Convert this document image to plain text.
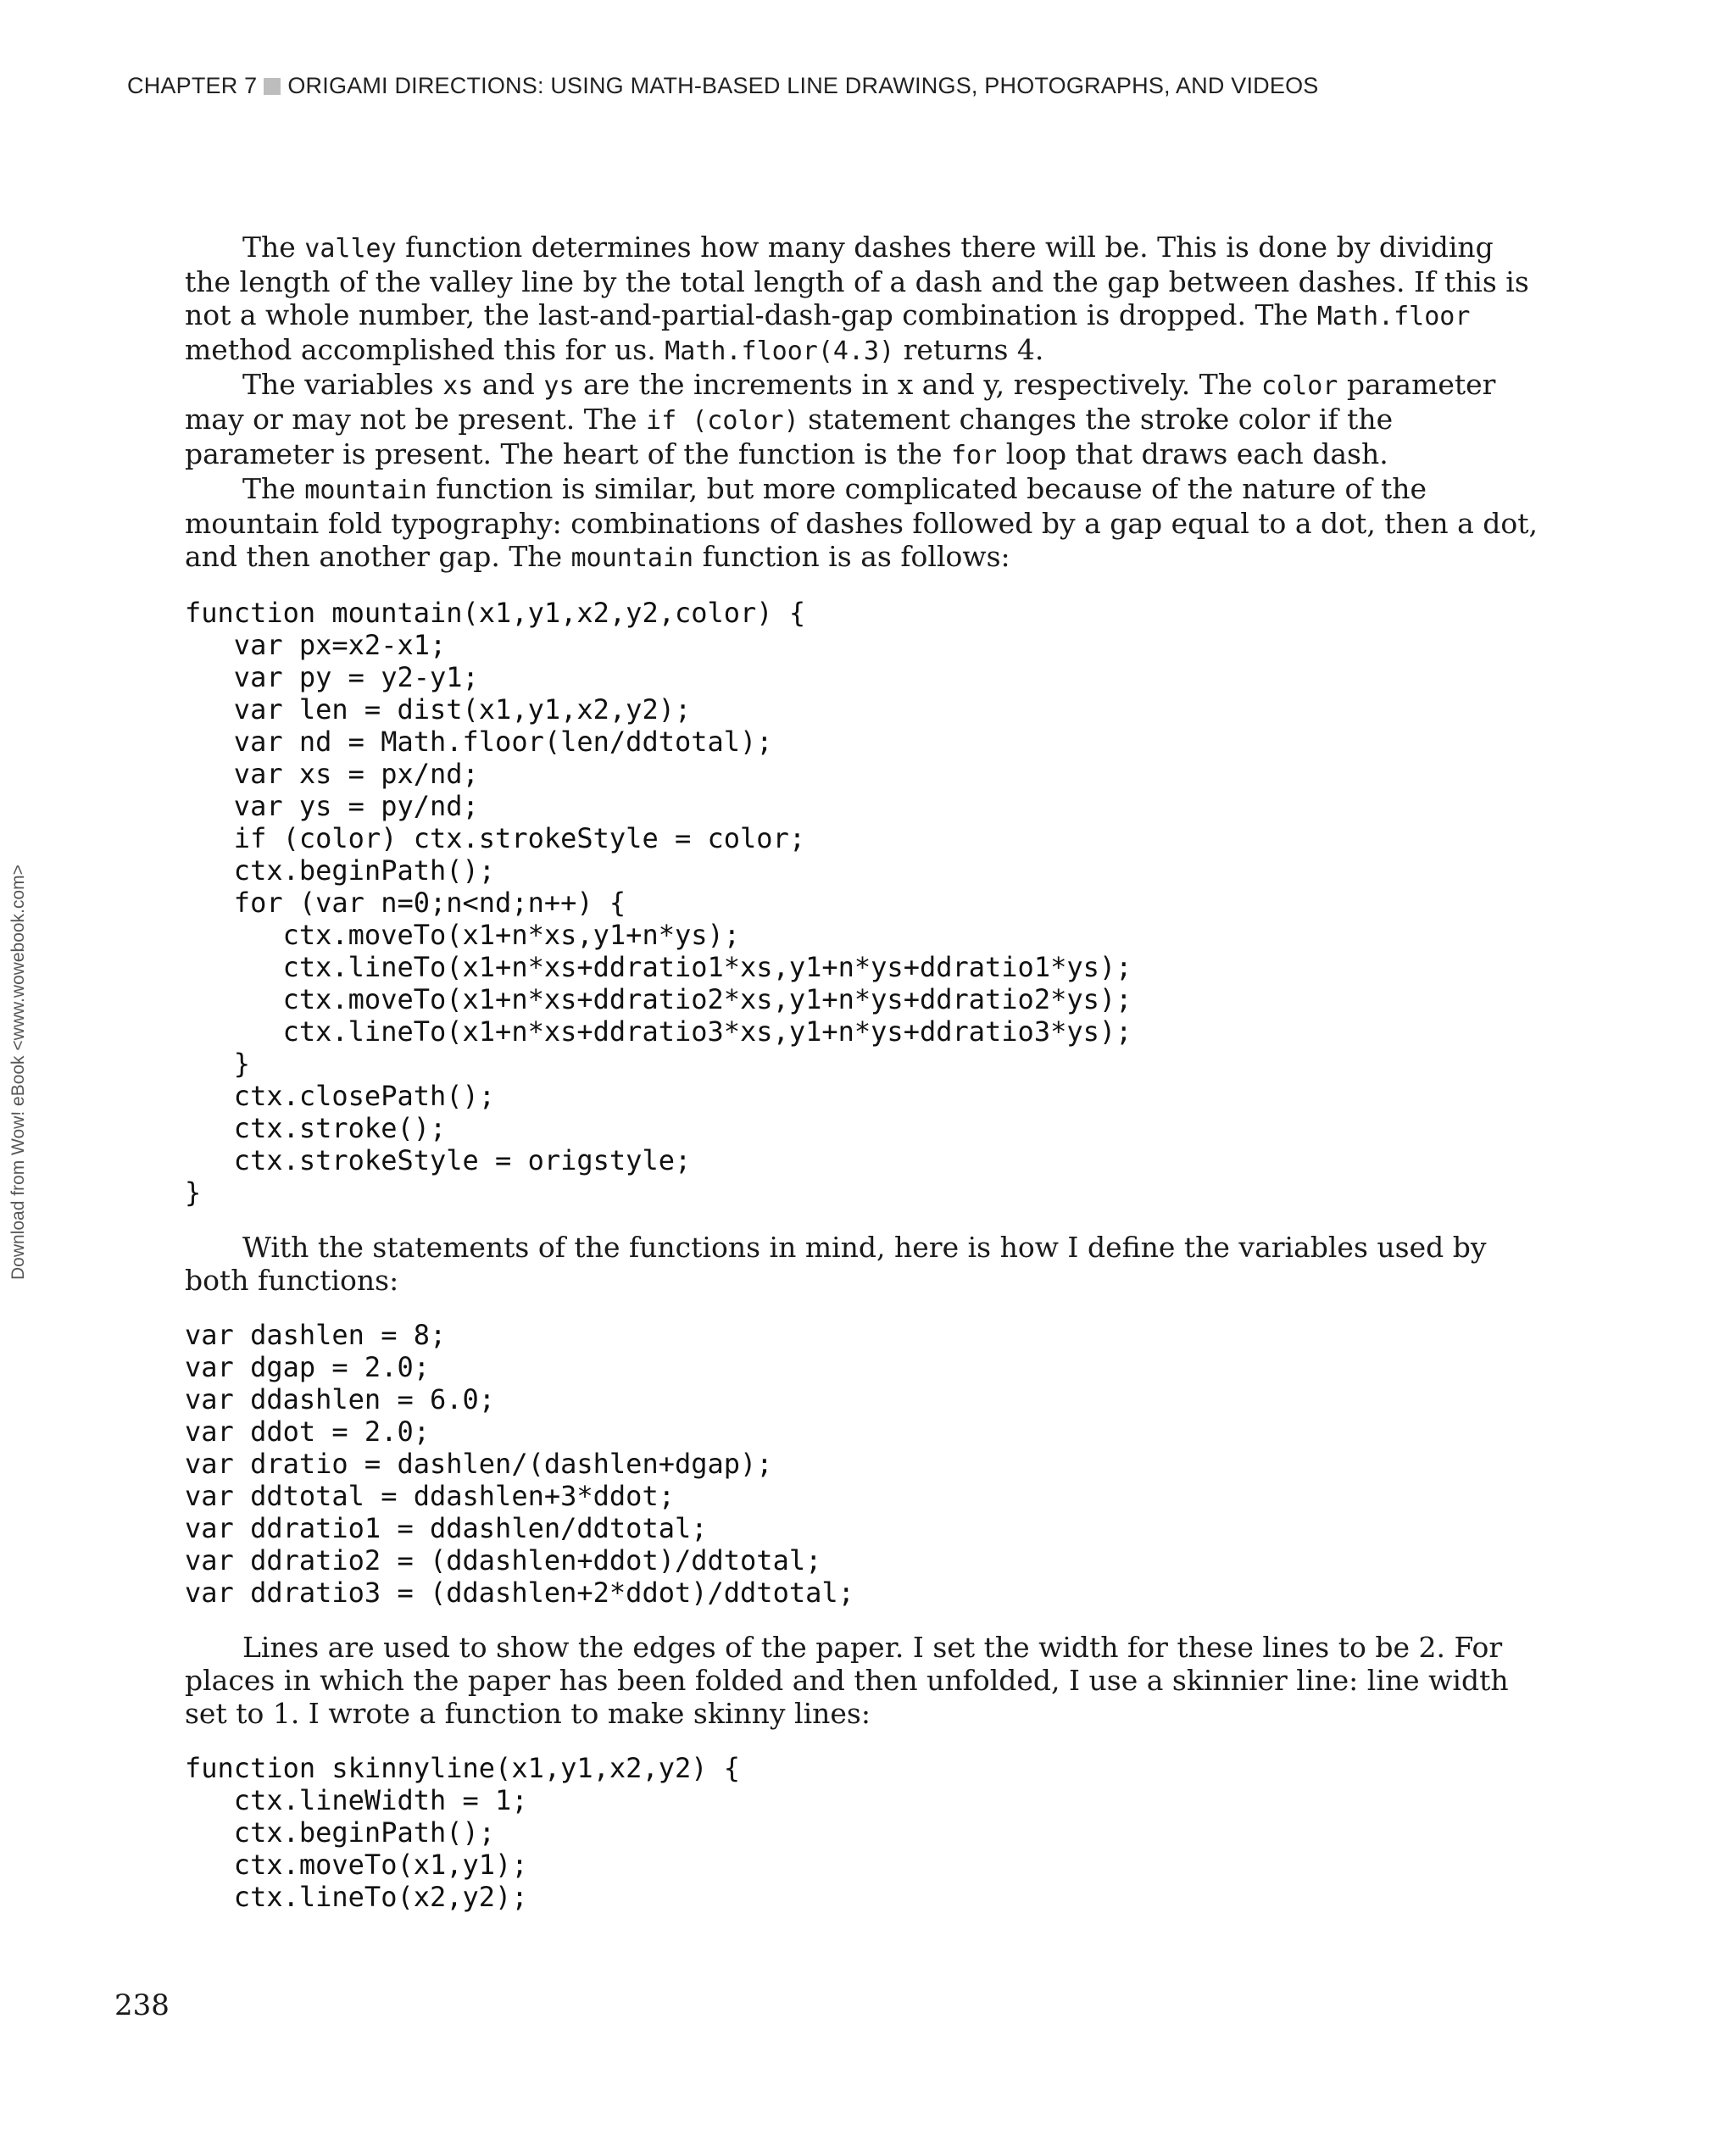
CHAPTER 7 ORIGAMI DIRECTIONS: USING MATH-BASED LINE DRAWINGS, PHOTOGRAPHS, AND VIDEOS
Download from Wow! eBook <www.wowebook.com>

The valley function determines how many dashes there will be. This is done by dividing the length of the valley line by the total length of a dash and the gap between dashes. If this is not a whole number, the last-and-partial-dash-gap combination is dropped. The Math.floor method accomplished this for us. Math.floor(4.3) returns 4.

The variables xs and ys are the increments in x and y, respectively. The color parameter may or may not be present. The if (color) statement changes the stroke color if the parameter is present. The heart of the function is the for loop that draws each dash.

The mountain function is similar, but more complicated because of the nature of the mountain fold typography: combinations of dashes followed by a gap equal to a dot, then a dot, and then another gap. The mountain function is as follows:

function mountain(x1,y1,x2,y2,color) {
var px=x2-x1;
var py = y2-y1;
var len = dist(x1,y1,x2,y2);
var nd = Math.floor(len/ddtotal);
var xs = px/nd;
var ys = py/nd;
if (color) ctx.strokeStyle = color;
ctx.beginPath();
for (var n=0;n<nd;n++) {
ctx.moveTo(x1+n*xs,y1+n*ys);
ctx.lineTo(x1+n*xs+ddratio1*xs,y1+n*ys+ddratio1*ys);
ctx.moveTo(x1+n*xs+ddratio2*xs,y1+n*ys+ddratio2*ys);
ctx.lineTo(x1+n*xs+ddratio3*xs,y1+n*ys+ddratio3*ys);
}
ctx.closePath();
ctx.stroke();
ctx.strokeStyle = origstyle;
}

With the statements of the functions in mind, here is how I define the variables used by both functions:

var dashlen = 8;
var dgap = 2.0;
var ddashlen = 6.0;
var ddot = 2.0;
var dratio = dashlen/(dashlen+dgap);
var ddtotal = ddashlen+3*ddot;
var ddratio1 = ddashlen/ddtotal;
var ddratio2 = (ddashlen+ddot)/ddtotal;
var ddratio3 = (ddashlen+2*ddot)/ddtotal;

Lines are used to show the edges of the paper. I set the width for these lines to be 2. For places in which the paper has been folded and then unfolded, I use a skinnier line: line width set to 1. I wrote a function to make skinny lines:

function skinnyline(x1,y1,x2,y2) {
ctx.lineWidth = 1;
ctx.beginPath();
ctx.moveTo(x1,y1);
ctx.lineTo(x2,y2);
238
